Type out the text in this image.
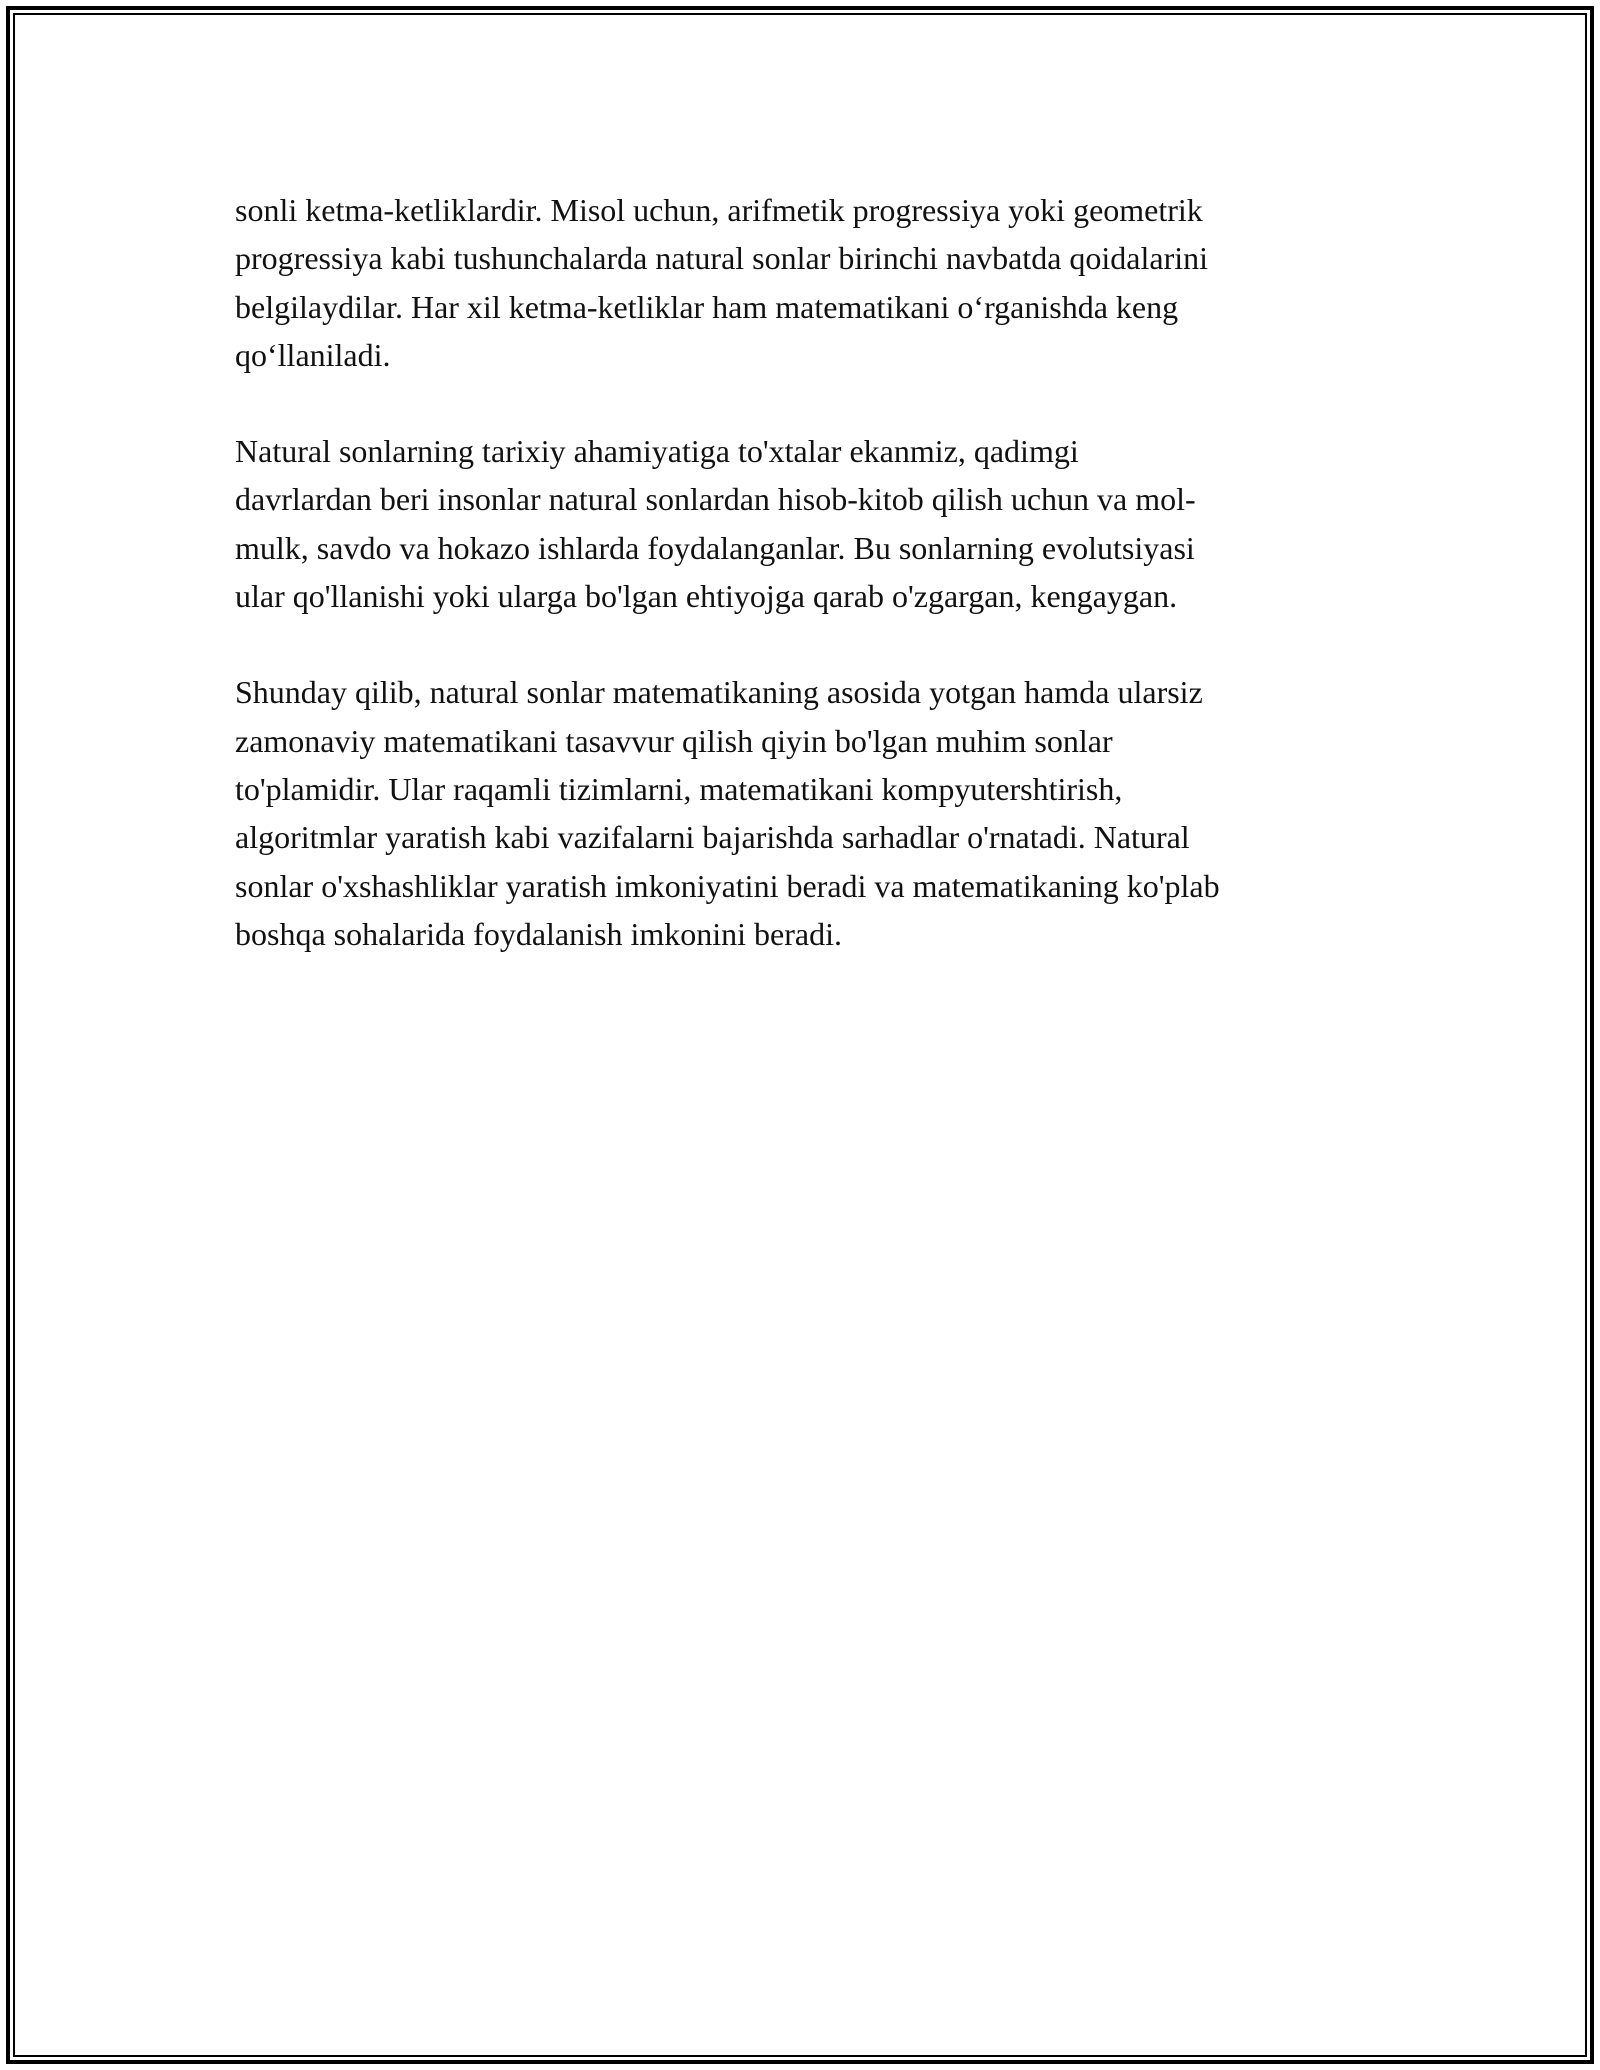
sonli ketma-ketliklardir. Misol uchun, arifmetik progressiya yoki geometrik
progressiya kabi tushunchalarda natural sonlar birinchi navbatda qoidalarini
belgilaydilar. Har xil ketma-ketliklar ham matematikani o‘rganishda keng
qo‘llaniladi.

Natural sonlarning tarixiy ahamiyatiga to'xtalar ekanmiz, qadimgi
davrlardan beri insonlar natural sonlardan hisob-kitob qilish uchun va mol-
mulk, savdo va hokazo ishlarda foydalanganlar. Bu sonlarning evolutsiyasi
ular qo'llanishi yoki ularga bo'lgan ehtiyojga qarab o'zgargan, kengaygan.

Shunday qilib, natural sonlar matematikaning asosida yotgan hamda ularsiz
zamonaviy matematikani tasavvur qilish qiyin bo'lgan muhim sonlar
to'plamidir. Ular raqamli tizimlarni, matematikani kompyutershtirish,
algoritmlar yaratish kabi vazifalarni bajarishda sarhadlar o'rnatadi. Natural
sonlar o'xshashliklar yaratish imkoniyatini beradi va matematikaning ko'plab
boshqa sohalarida foydalanish imkonini beradi.
